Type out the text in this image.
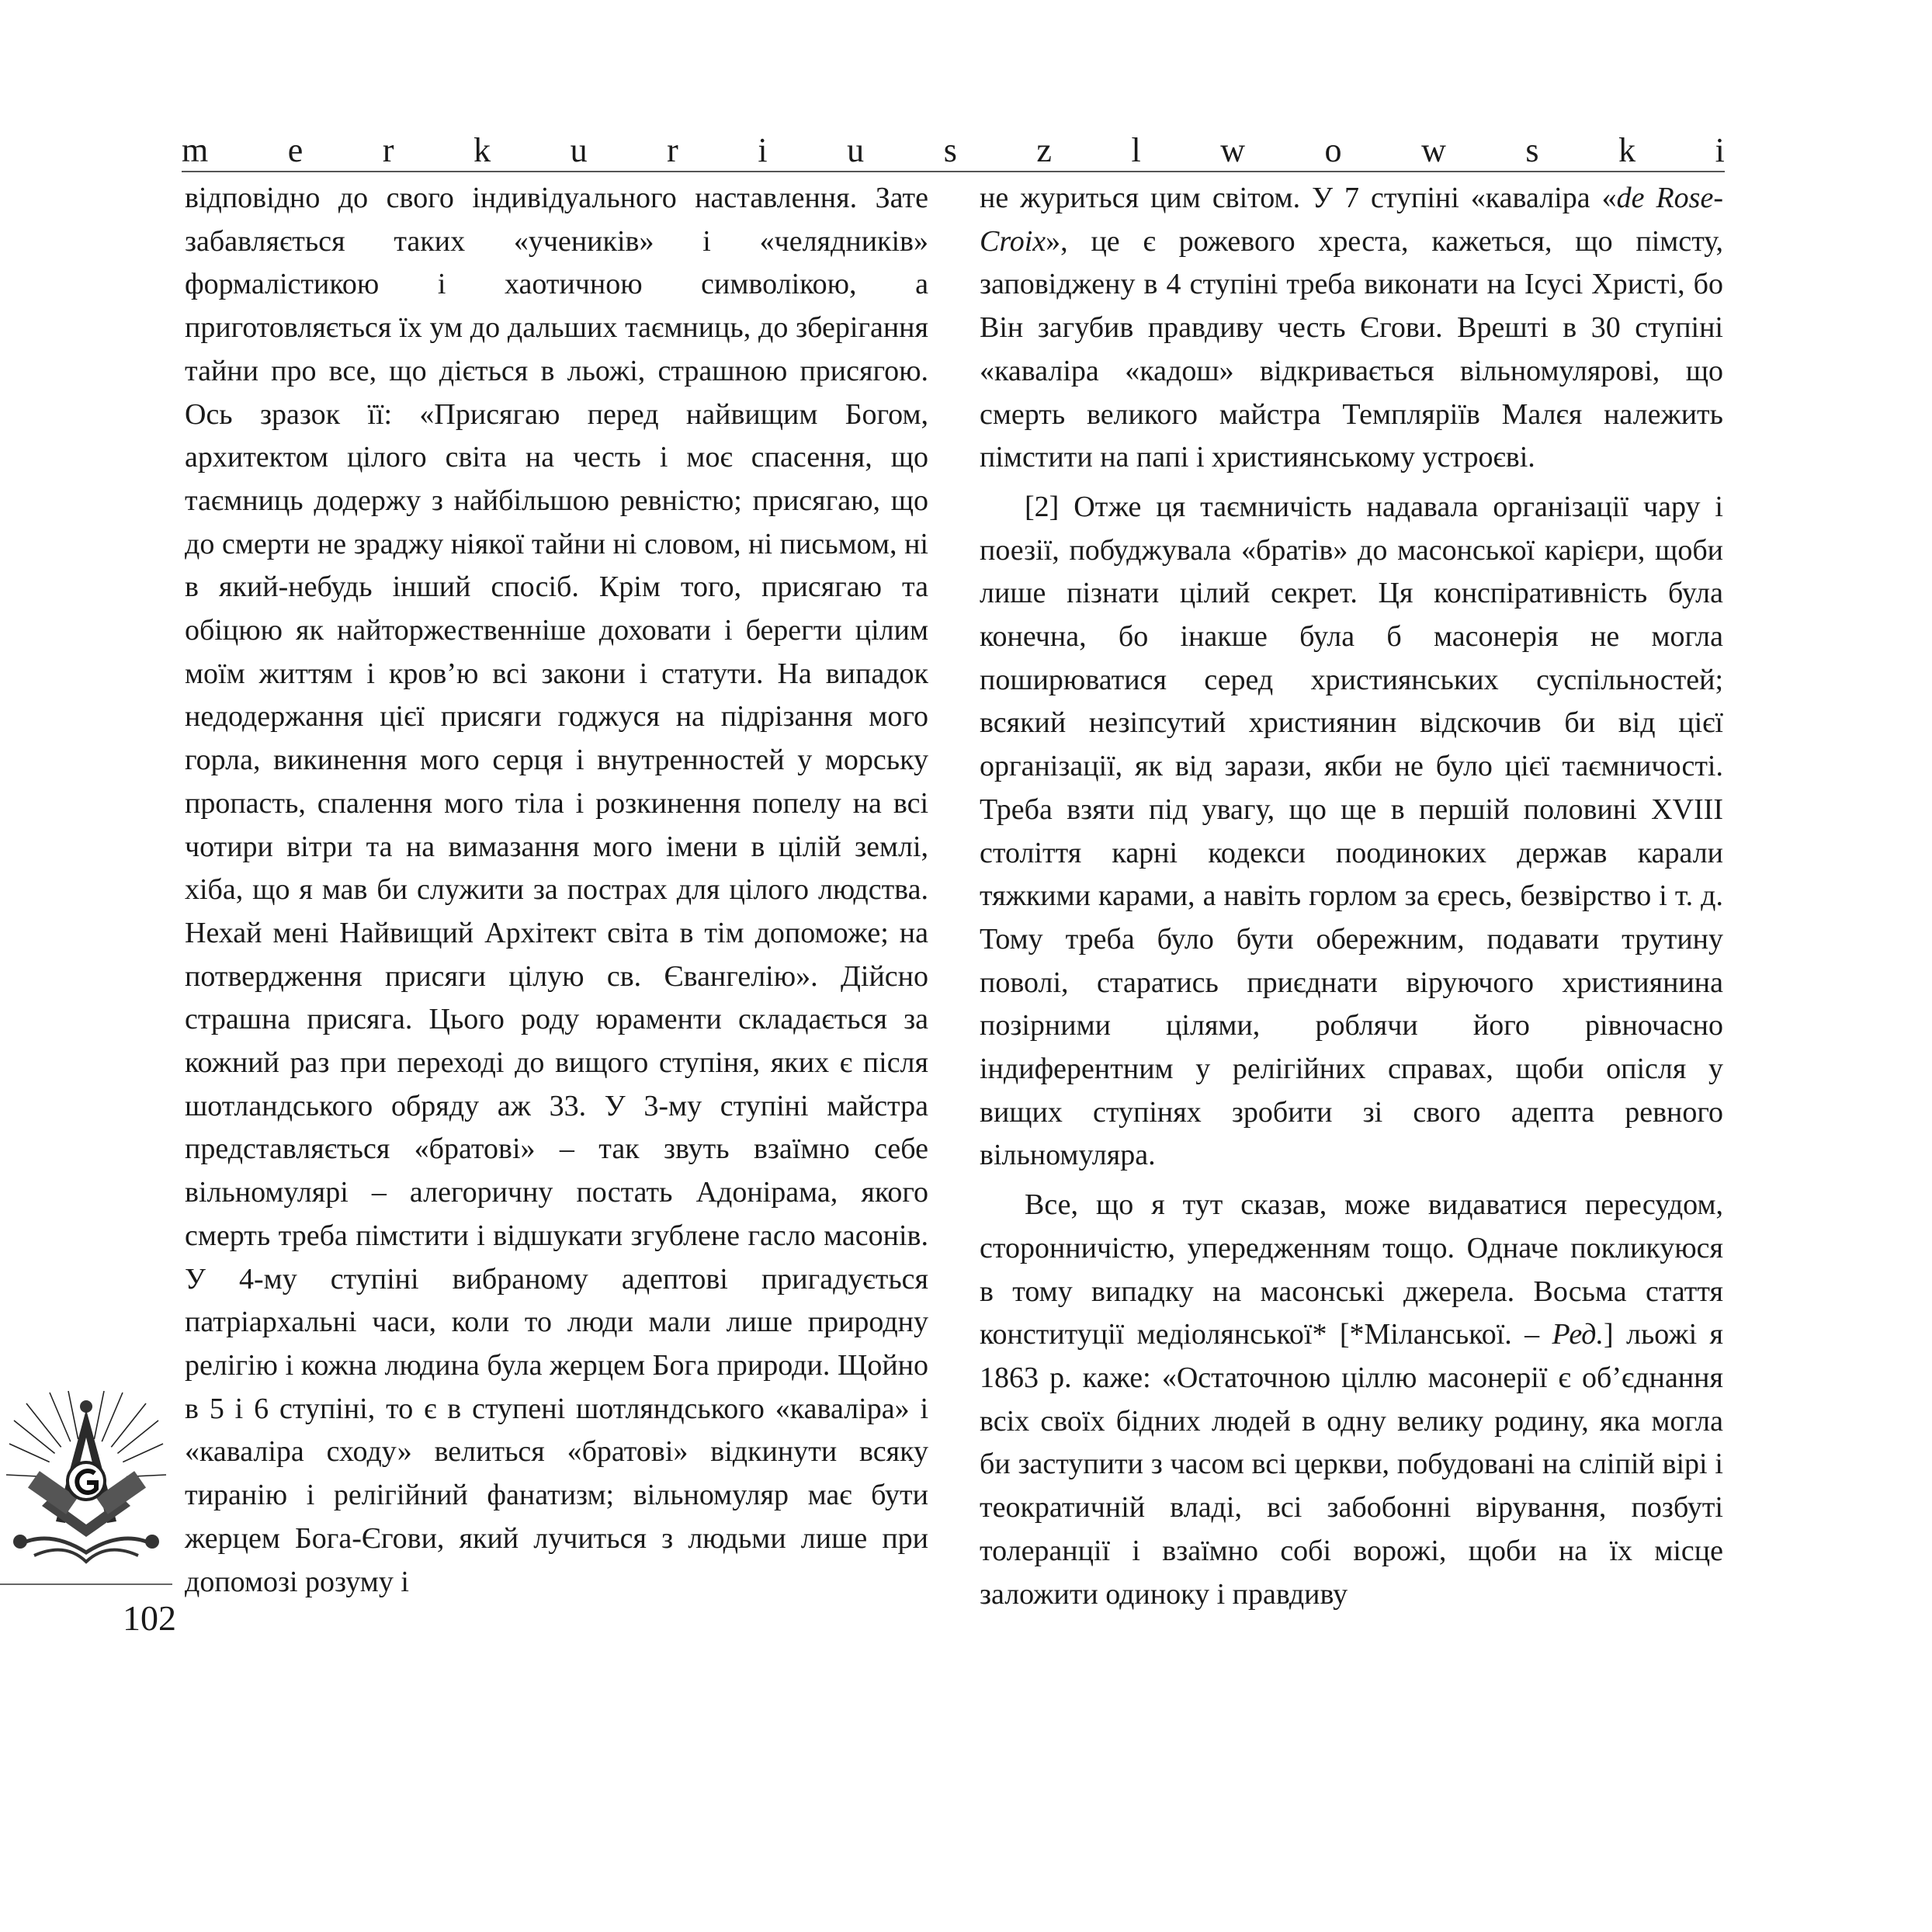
m e r k u r i u s z l w o w s k i

відповідно до свого індивідуального наставлення. Зате забавляється таких «учеників» і «челядників» формалістикою і хаотичною символікою, а приготовляється їх ум до дальших таємниць, до зберігання тайни про все, що діється в льожі, страшною присягою. Ось зразок її: «Присягаю перед найвищим Богом, архитектом цілого світа на честь і моє спасення, що таємниць додержу з найбільшою ревністю; присягаю, що до смерти не зраджу ніякої тайни ні словом, ні письмом, ні в який-небудь інший спосіб. Крім того, присягаю та обіцюю як найторжественніше доховати і берегти цілим моїм життям і кров’ю всі закони і статути. На випадок недодержання цієї присяги годжуся на підрізання мого горла, викинення мого серця і внутренностей у морську пропасть, спалення мого тіла і розкинення попелу на всі чотири вітри та на вимазання мого імени в цілій землі, хіба, що я мав би служити за пострах для цілого людства. Нехай мені Найвищий Архітект світа в тім допоможе; на потвердження присяги цілую св. Євангелію». Дійсно страшна присяга. Цього роду юраменти складається за кожний раз при переході до вищого ступіня, яких є після шотландського обряду аж 33. У 3-му ступіні майстра представляється «братові» – так звуть взаїмно себе вільномулярі – алегоричну постать Адонірама, якого смерть треба пімстити і відшукати згублене гасло масонів. У 4-му ступіні вибраному адептові пригадується патріархальні часи, коли то люди мали лише природну релігію і кожна людина була жерцем Бога природи. Щойно в 5 і 6 ступіні, то є в ступені шотляндського «каваліра» і «каваліра сходу» велиться «братові» відкинути всяку тиранію і релігійний фанатизм; вільномуляр має бути жерцем Бога-Єгови, який лучиться з людьми лише при допомозі розуму і

не журиться цим світом. У 7 ступіні «каваліра «de Rose-Croix», це є рожевого хреста, кажеться, що пімсту, заповіджену в 4 ступіні треба виконати на Ісусі Христі, бо Він загубив правдиву честь Єгови. Врешті в 30 ступіні «каваліра «кадош» відкривається вільномулярові, що смерть великого майстра Темпляріїв Малєя належить пімстити на папі і християнському устроєві.

[2] Отже ця таємничість надавала організації чару і поезії, побуджувала «братів» до масонської карієри, щоби лише пізнати цілий секрет. Ця конспіративність була конечна, бо інакше була б масонерія не могла поширюватися серед християнських суспільностей; всякий незіпсутий християнин відскочив би від цієї організації, як від зарази, якби не було цієї таємничості. Треба взяти під увагу, що ще в першій половині XVIII століття карні кодекси поодиноких держав карали тяжкими карами, а навіть горлом за єресь, безвірство і т. д. Тому треба було бути обережним, подавати трутину поволі, старатись приєднати віруючого християнина позірними цілями, роблячи його рівночасно індиферентним у релігійних справах, щоби опісля у вищих ступінях зробити зі свого адепта ревного вільномуляра.

Все, що я тут сказав, може видаватися пересудом, сторонничістю, упередженням тощо. Одначе покликуюся в тому випадку на масонські джерела. Восьма стаття конституції медіолянської* [*Міланської. – Ред.] льожі я 1863 р. каже: «Остаточною ціллю масонерії є об’єднання всіх своїх бідних людей в одну велику родину, яка могла би заступити з часом всі церкви, побудовані на сліпій вірі і теократичній владі, всі забобонні вірування, позбуті толеранції і взаїмно собі ворожі, щоби на їх місце заложити одиноку і правдиву

102
